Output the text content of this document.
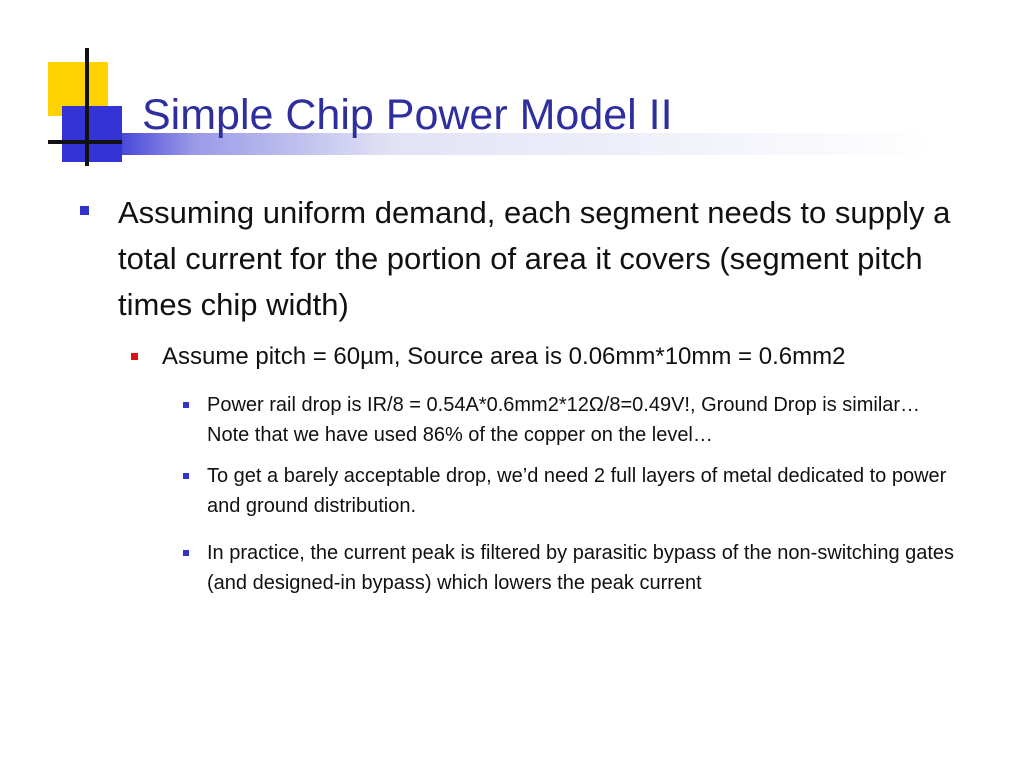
Simple Chip Power Model II
Assuming uniform demand, each segment needs to supply a total current for the portion of area it covers (segment pitch times chip width)
Assume pitch = 60µm, Source area is 0.06mm*10mm = 0.6mm2
Power rail drop is IR/8 = 0.54A*0.6mm2*12Ω/8=0.49V!, Ground Drop is similar… Note that we have used 86% of the copper on the level…
To get a barely acceptable drop, we’d need 2 full layers of metal dedicated to power and ground distribution.
In practice, the current peak is filtered by parasitic bypass of the non-switching gates (and designed-in bypass) which lowers the peak current
